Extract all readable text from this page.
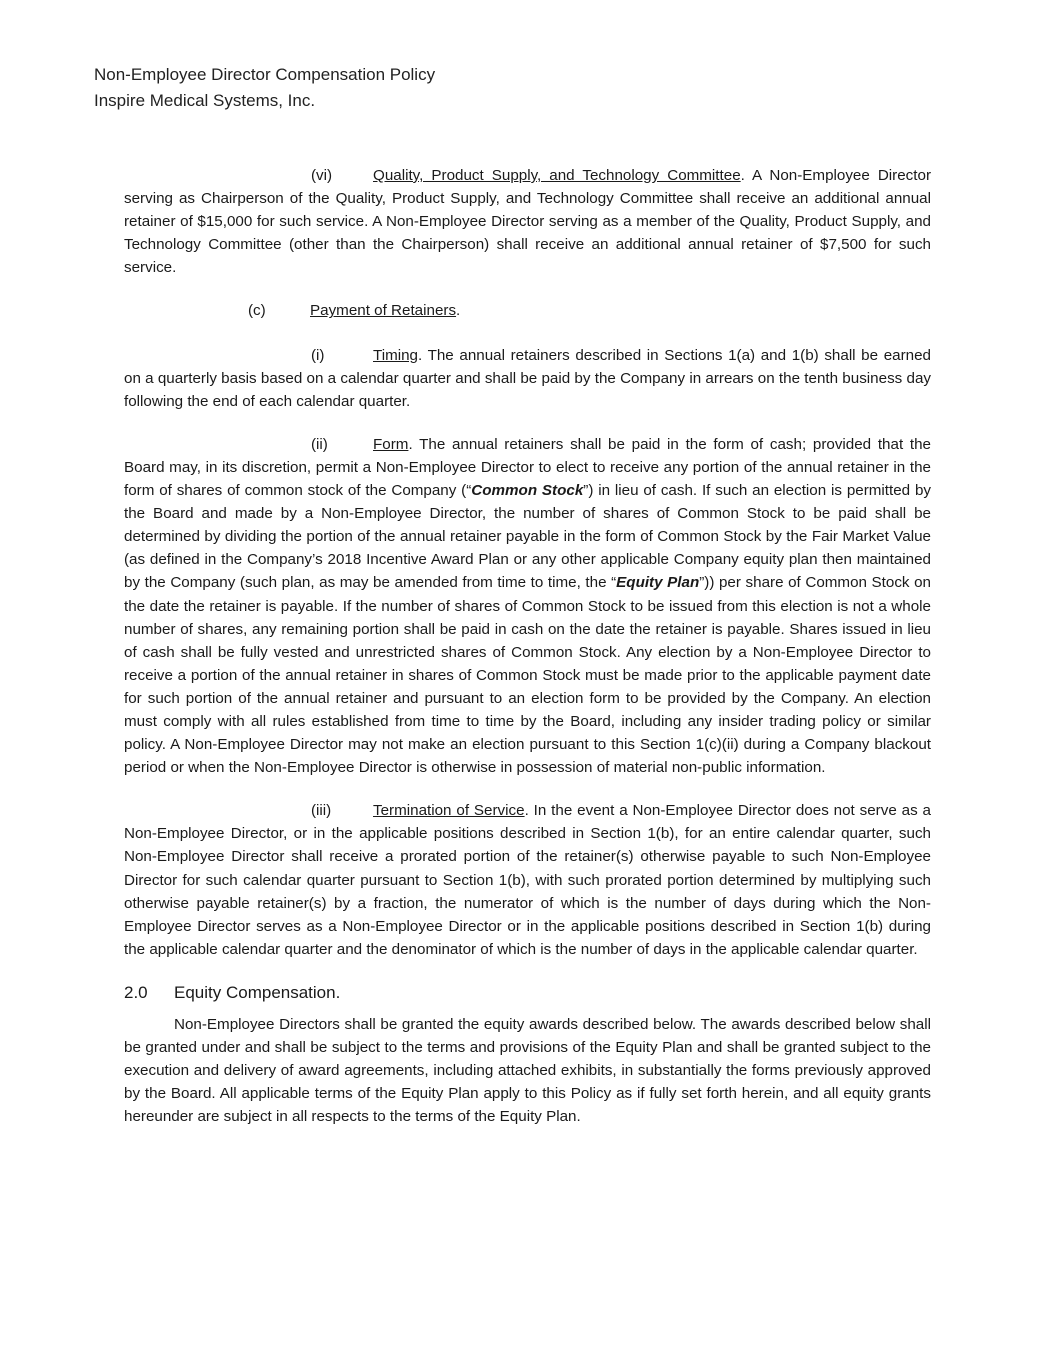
Non-Employee Director Compensation Policy
Inspire Medical Systems, Inc.

(vi)	Quality, Product Supply, and Technology Committee. A Non-Employee Director serving as Chairperson of the Quality, Product Supply, and Technology Committee shall receive an additional annual retainer of $15,000 for such service. A Non-Employee Director serving as a member of the Quality, Product Supply, and Technology Committee (other than the Chairperson) shall receive an additional annual retainer of $7,500 for such service.

(c)	Payment of Retainers.

(i)	Timing. The annual retainers described in Sections 1(a) and 1(b) shall be earned on a quarterly basis based on a calendar quarter and shall be paid by the Company in arrears on the tenth business day following the end of each calendar quarter.

(ii)	Form. The annual retainers shall be paid in the form of cash; provided that the Board may, in its discretion, permit a Non-Employee Director to elect to receive any portion of the annual retainer in the form of shares of common stock of the Company (“Common Stock”) in lieu of cash. If such an election is permitted by the Board and made by a Non-Employee Director, the number of shares of Common Stock to be paid shall be determined by dividing the portion of the annual retainer payable in the form of Common Stock by the Fair Market Value (as defined in the Company’s 2018 Incentive Award Plan or any other applicable Company equity plan then maintained by the Company (such plan, as may be amended from time to time, the “Equity Plan”)) per share of Common Stock on the date the retainer is payable. If the number of shares of Common Stock to be issued from this election is not a whole number of shares, any remaining portion shall be paid in cash on the date the retainer is payable. Shares issued in lieu of cash shall be fully vested and unrestricted shares of Common Stock. Any election by a Non-Employee Director to receive a portion of the annual retainer in shares of Common Stock must be made prior to the applicable payment date for such portion of the annual retainer and pursuant to an election form to be provided by the Company. An election must comply with all rules established from time to time by the Board, including any insider trading policy or similar policy. A Non-Employee Director may not make an election pursuant to this Section 1(c)(ii) during a Company blackout period or when the Non-Employee Director is otherwise in possession of material non-public information.

(iii)	Termination of Service. In the event a Non-Employee Director does not serve as a Non-Employee Director, or in the applicable positions described in Section 1(b), for an entire calendar quarter, such Non-Employee Director shall receive a prorated portion of the retainer(s) otherwise payable to such Non-Employee Director for such calendar quarter pursuant to Section 1(b), with such prorated portion determined by multiplying such otherwise payable retainer(s) by a fraction, the numerator of which is the number of days during which the Non-Employee Director serves as a Non-Employee Director or in the applicable positions described in Section 1(b) during the applicable calendar quarter and the denominator of which is the number of days in the applicable calendar quarter.

2.0 Equity Compensation.

Non-Employee Directors shall be granted the equity awards described below. The awards described below shall be granted under and shall be subject to the terms and provisions of the Equity Plan and shall be granted subject to the execution and delivery of award agreements, including attached exhibits, in substantially the forms previously approved by the Board. All applicable terms of the Equity Plan apply to this Policy as if fully set forth herein, and all equity grants hereunder are subject in all respects to the terms of the Equity Plan.
